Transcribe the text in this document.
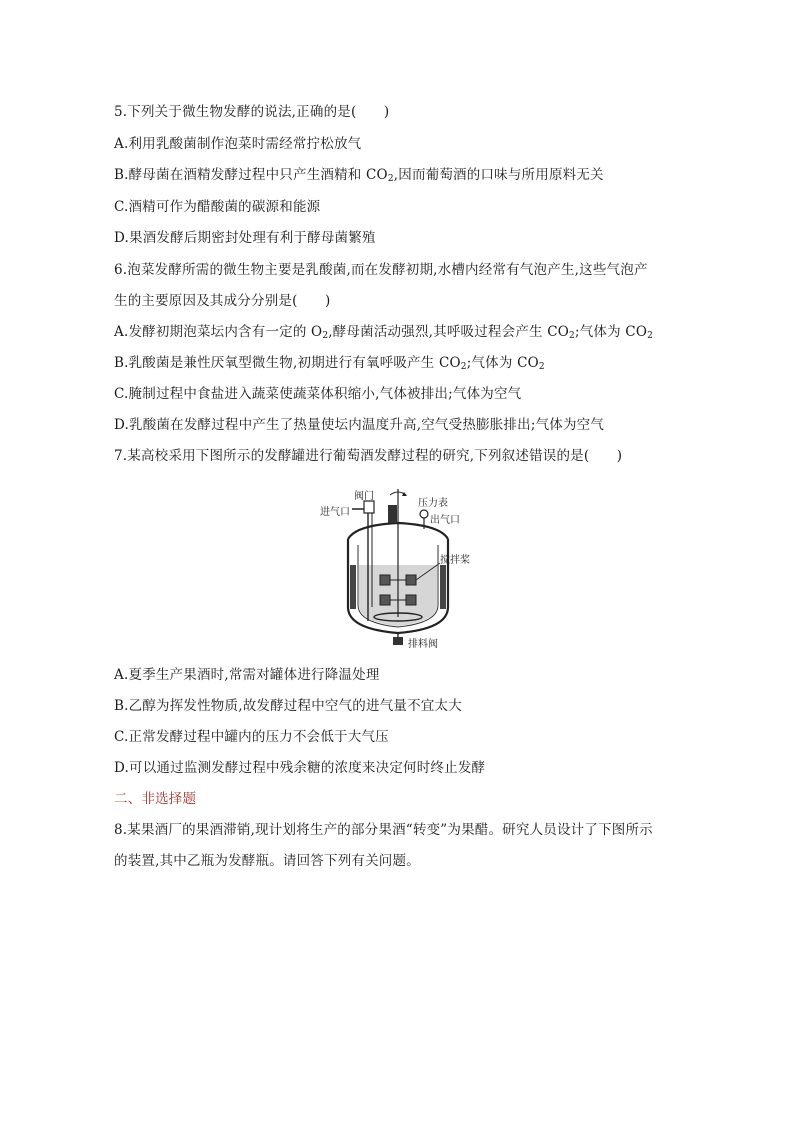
5.下列关于微生物发酵的说法,正确的是(　　)
A.利用乳酸菌制作泡菜时需经常拧松放气
B.酵母菌在酒精发酵过程中只产生酒精和 $CO_2$,因而葡萄酒的口味与所用原料无关
C.酒精可作为醋酸菌的碳源和能源
D.果酒发酵后期密封处理有利于酵母菌繁殖
6.泡菜发酵所需的微生物主要是乳酸菌,而在发酵初期,水槽内经常有气泡产生,这些气泡产
生的主要原因及其成分分别是(　　)
A.发酵初期泡菜坛内含有一定的 $O_2$,酵母菌活动强烈,其呼吸过程会产生 $CO_2$;气体为 $CO_2$
B.乳酸菌是兼性厌氧型微生物,初期进行有氧呼吸产生 $CO_2$;气体为 $CO_2$
C.腌制过程中食盐进入蔬菜使蔬菜体积缩小,气体被排出;气体为空气
D.乳酸菌在发酵过程中产生了热量使坛内温度升高,空气受热膨胀排出;气体为空气
7.某高校采用下图所示的发酵罐进行葡萄酒发酵过程的研究,下列叙述错误的是(　　)
阀门
压力表
进气口
出气口
搅拌桨
排料阀
A.夏季生产果酒时,常需对罐体进行降温处理
B.乙醇为挥发性物质,故发酵过程中空气的进气量不宜太大
C.正常发酵过程中罐内的压力不会低于大气压
D.可以通过监测发酵过程中残余糖的浓度来决定何时终止发酵
二、非选择题
8.某果酒厂的果酒滞销,现计划将生产的部分果酒“转变”为果醋。研究人员设计了下图所示
的装置,其中乙瓶为发酵瓶。请回答下列有关问题。
